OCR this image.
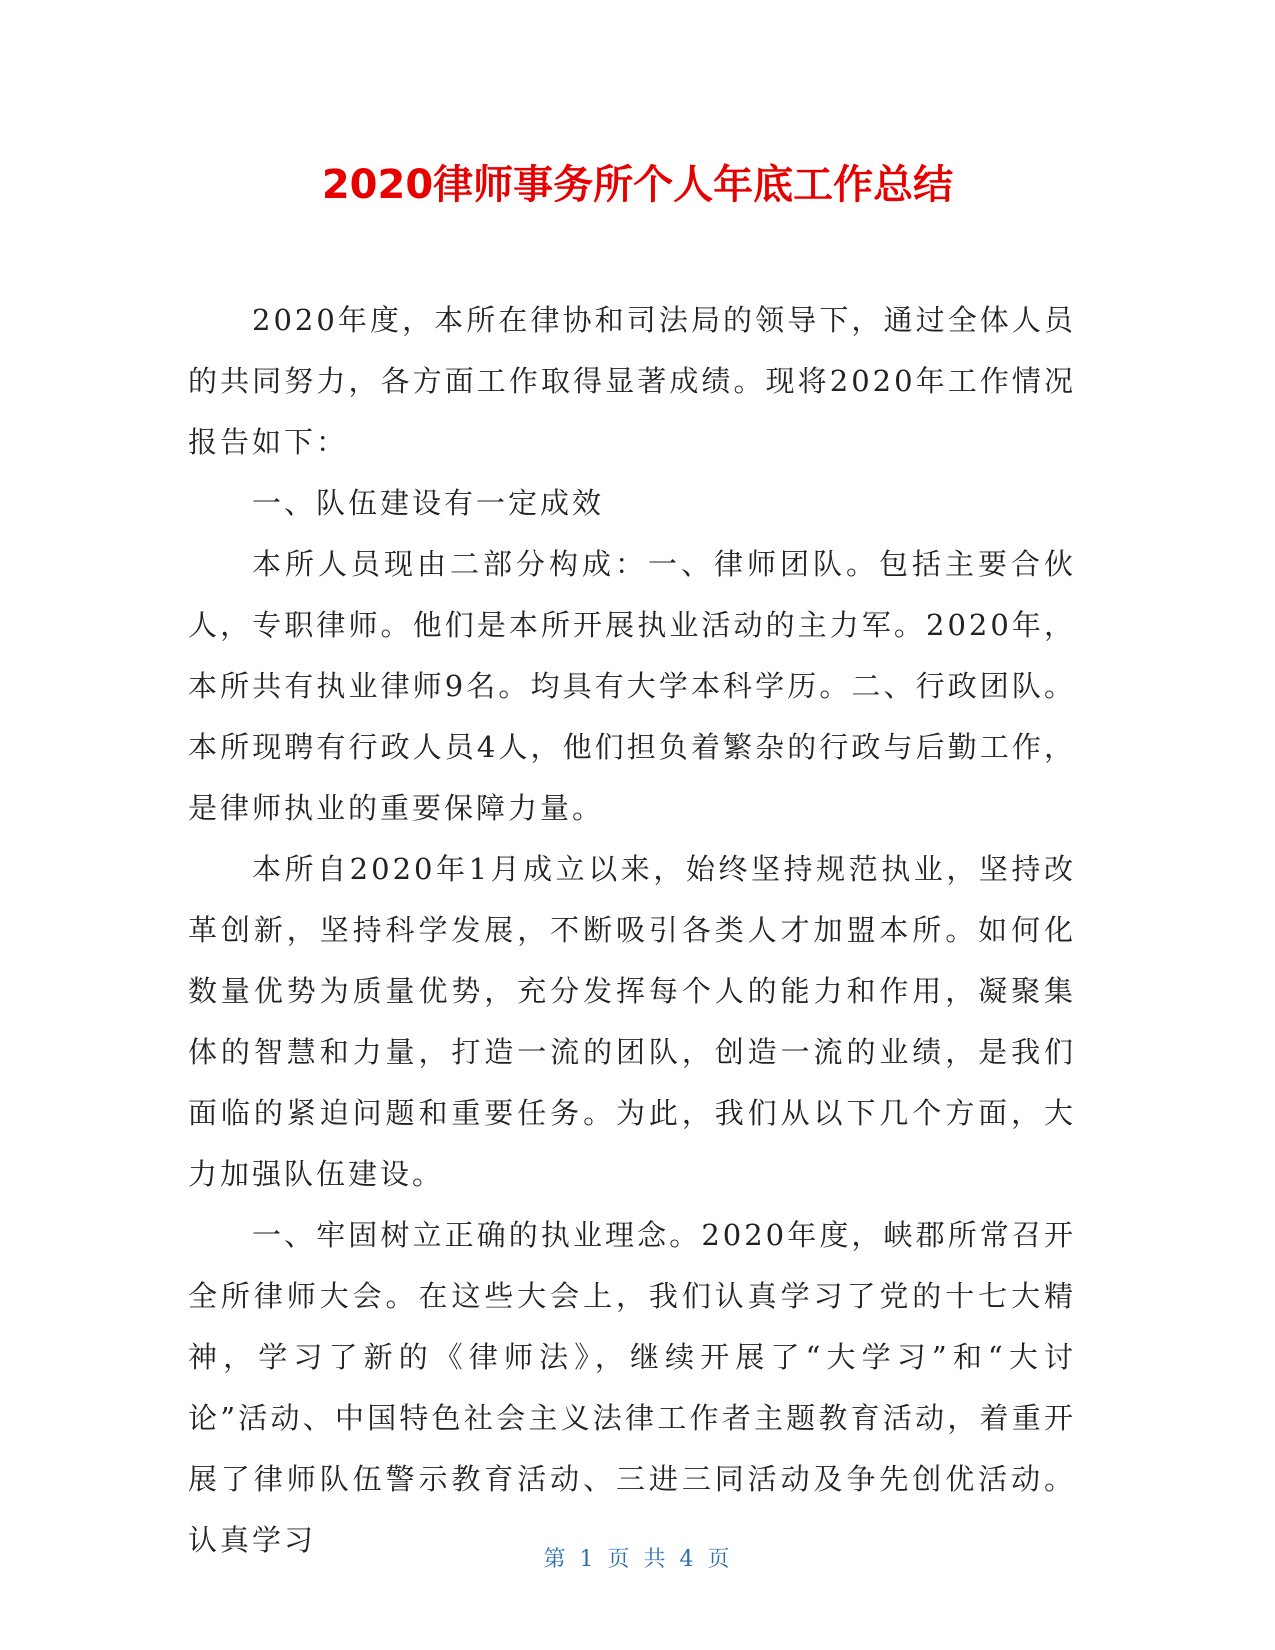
2020律师事务所个人年底工作总结

2020年度，本所在律协和司法局的领导下，通过全体人员的共同努力，各方面工作取得显著成绩。现将2020年工作情况报告如下：

一、队伍建设有一定成效

本所人员现由二部分构成：一、律师团队。包括主要合伙人，专职律师。他们是本所开展执业活动的主力军。2020年，本所共有执业律师9名。均具有大学本科学历。二、行政团队。本所现聘有行政人员4人，他们担负着繁杂的行政与后勤工作，是律师执业的重要保障力量。

本所自2020年1月成立以来，始终坚持规范执业，坚持改革创新，坚持科学发展，不断吸引各类人才加盟本所。如何化数量优势为质量优势，充分发挥每个人的能力和作用，凝聚集体的智慧和力量，打造一流的团队，创造一流的业绩，是我们面临的紧迫问题和重要任务。为此，我们从以下几个方面，大力加强队伍建设。

一、牢固树立正确的执业理念。2020年度，峡郡所常召开全所律师大会。在这些大会上，我们认真学习了党的十七大精神，学习了新的《律师法》，继续开展了“大学习”和“大讨论”活动、中国特色社会主义法律工作者主题教育活动，着重开展了律师队伍警示教育活动、三进三同活动及争先创优活动。认真学习

第 1 页 共 4 页
